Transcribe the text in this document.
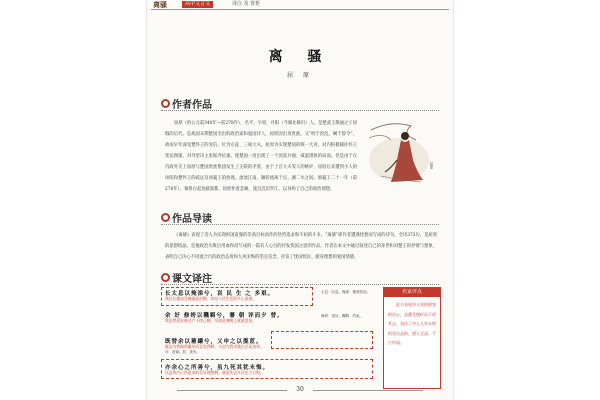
离骚	高中文言文	译注 及 赏析
离 骚
屈 原
作者作品
屈原（约公元前340年—前278年），名平，字原，丹阳（今湖北秭归）人。是楚武王熊通之子屈瑕的后代。是战国末期楚国杰出的政治家和爱国诗人，屈原因出身贵族，又“明于治乱，娴于辞令”，故而早年深受楚怀王的宠信，位为左徒、三闾大夫。屈原为实现楚国的统一大业，对内积极辅佐怀王变法图强，对外坚决主张联齐抗秦。使楚国一度出现了一个国富兵强、威震诸侯的局面。但是由于在内政外交上屈原与楚国贵族集团发生了尖锐的矛盾，由于上官大夫等人的嫉妒，屈原后来遭到小人的诬陷和楚怀王的疏远及项襄王的放逐。流放江南，辗转流离于沅、湘二水之间。顷襄王二十一年（前278年），秦将白起攻破郢都，屈原怀着悲痛，遂自沉汨罗江，以身殉了自己的政治理想。
屈原
作品导读
《离骚》表现了诗人为实现祖国富强的崇高目标而作的热烈追求和不屈的斗争。“离骚”即作者遭遇忧愁而写成的诗句。全诗373句，是屈原的思想结晶。是他政治失败后用血和泪写成的一篇有人心目的抒发忧国之思的作品。作者在本文中通过叙述自己的身世和对楚王的抒情与想象，表明自己决心不同流合污的政治态度和九死未悔的坚定信念，抒发了忧国忧民、献身理想的爱国情感。
课文译注
长太息以掩涕兮，哀 民 生 之 多艰。
我长长地叹息掩面流泪啊，哀叹人民生活的多么艰难。
余 好 修姱以鞿羁兮，謇 朝 谇而夕 替。
我虽然爱好修洁严于律己啊，早晨进谏晚上就被罢免。
既替余以蕙纕兮，又申之以揽茝。
既因为我佩带蕙草而罢免我啊，又因为我采集白芷而加罪。
亦余心之所善兮，虽九死其犹未悔。
这是我内心所追求的美好理想啊，就是死去多次也不后悔。
太息：叹息。掩涕：掩面拭泪。
修姱：美好。鞿羁：约束。
谇：进谏。替：废弃。
名家评点
此节表现诗人坚持理想的决心，虽遭受挫折而不改其志，表达了诗人九死未悔的坚贞品格，感人至深，千古传诵。
30
